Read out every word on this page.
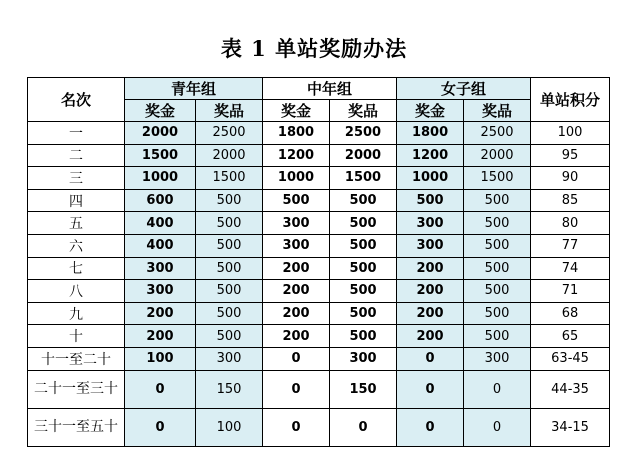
表 1 单站奖励办法
名次	青年组		中年组		女子组		单站积分
	奖金	奖品	奖金	奖品	奖金	奖品	
一	2000	2500	1800	2500	1800	2500	100
二	1500	2000	1200	2000	1200	2000	95
三	1000	1500	1000	1500	1000	1500	90
四	600	500	500	500	500	500	85
五	400	500	300	500	300	500	80
六	400	500	300	500	300	500	77
七	300	500	200	500	200	500	74
八	300	500	200	500	200	500	71
九	200	500	200	500	200	500	68
十	200	500	200	500	200	500	65
十一至二十	100	300	0	300	0	300	63-45
二十一至三十	0	150	0	150	0	0	44-35
三十一至五十	0	100	0	0	0	0	34-15
